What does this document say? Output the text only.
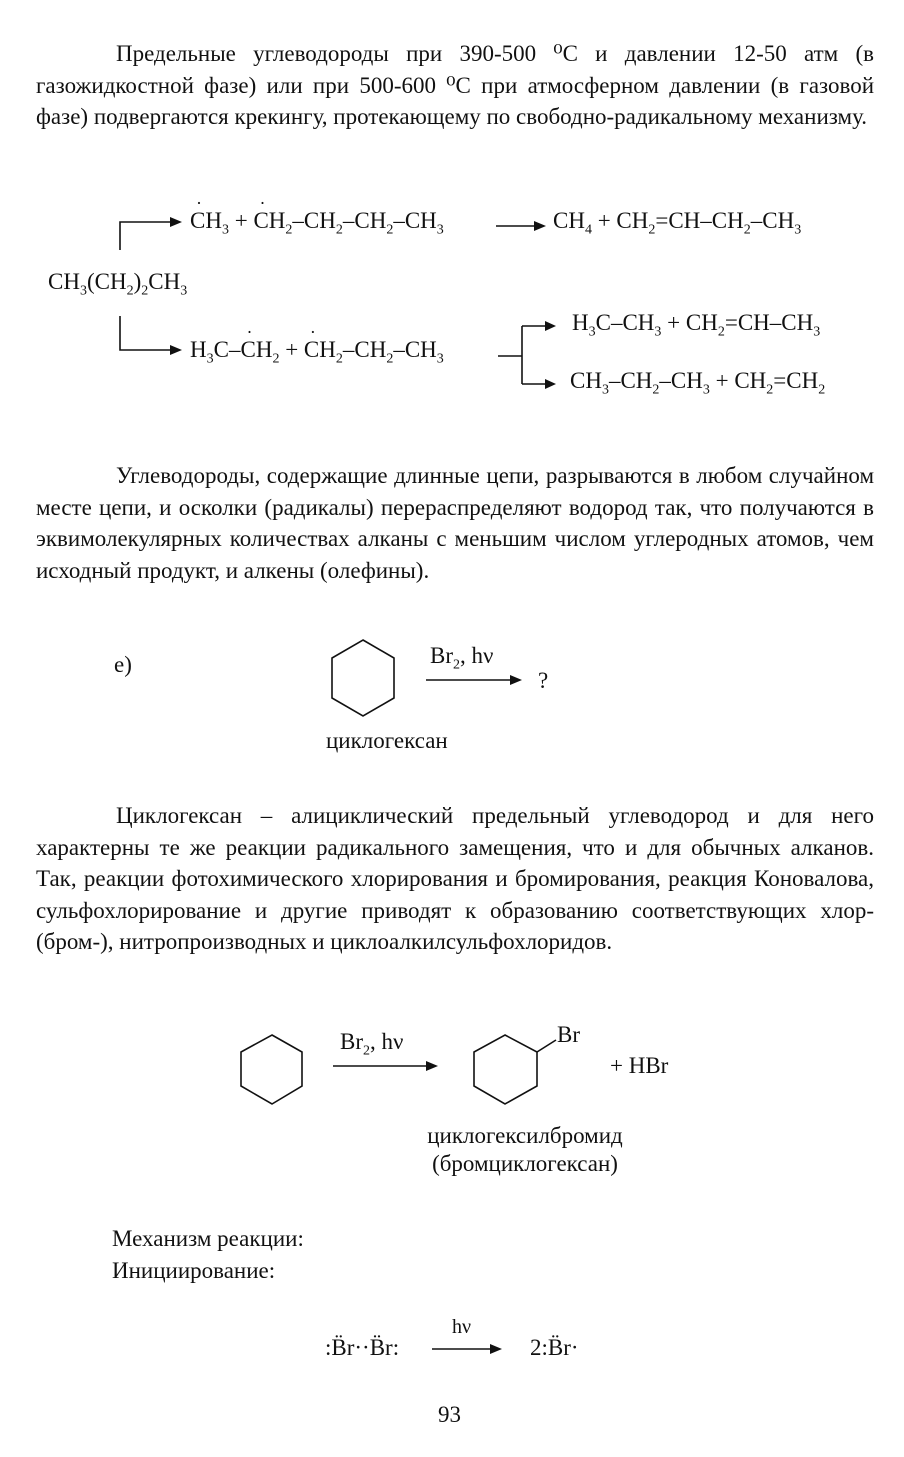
Предельные углеводороды при 390-500 ⁰C и давлении 12-50 атм (в газожидкостной фазе) или при 500-600 ⁰C при атмосферном давлении (в газовой фазе) подвергаются крекингу, протекающему по свободно-радикальному механизму.

C
·
$H_3 + C$
·
$H_2-CH_2-CH_2-CH_3$	$CH_4 + CH_2=CH-CH_2-CH_3$
$CH_3(CH_2)_2CH_3$
$H_3C-C$
·
$H_2 + C$
·
$H_2-CH_2-CH_3$
$H_3C-CH_3 + CH_2=CH-CH_3$
$CH_3-CH_2-CH_3 + CH_2=CH_2$

Углеводороды, содержащие длинные цепи, разрываются в любом случайном месте цепи, и осколки (радикалы) перераспределяют водород так, что получаются в эквимолекулярных количествах алканы с меньшим числом углеродных атомов, чем исходный продукт, и алкены (олефины).

е)	$Br_2$, hν
?
циклогексан

Циклогексан – алициклический предельный углеводород и для него характерны те же реакции радикального замещения, что и для обычных алканов. Так, реакции фотохимического хлорирования и бромирования, реакция Коновалова, сульфохлорирование и другие приводят к образованию соответствующих хлор- (бром-), нитропроизводных и циклоалкилсульфохлоридов.

$Br_2$, hν	Br
+ HBr
циклогексилбромид
(бромциклогексан)
Механизм реакции:
Инициирование:
:B̈r··B̈r:
hν
2:B̈r·
93
